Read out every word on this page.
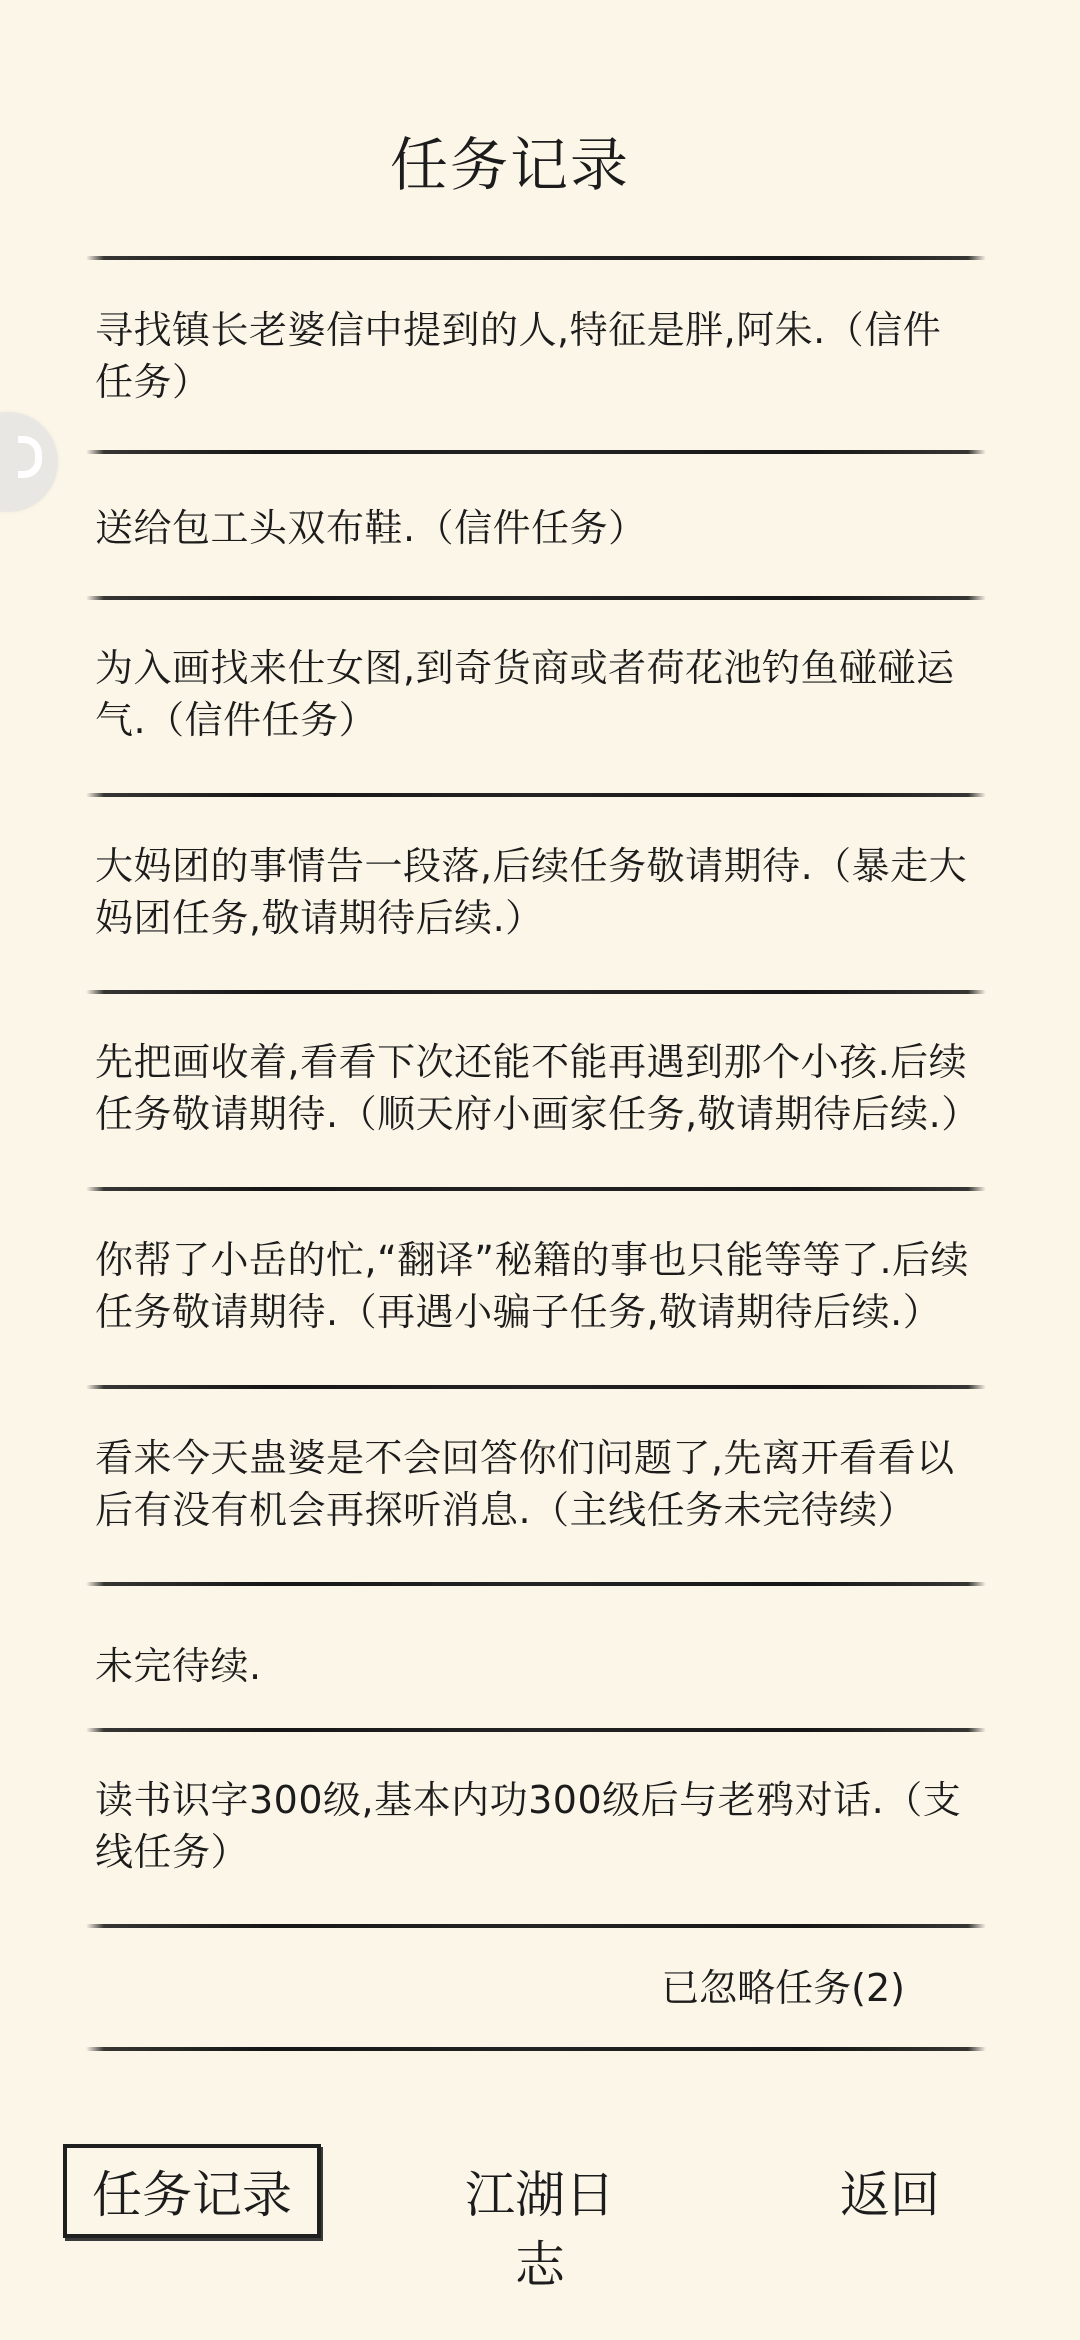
任务记录
寻找镇长老婆信中提到的人,特征是胖,阿朱.（信件任务）
送给包工头双布鞋.（信件任务）
为入画找来仕女图,到奇货商或者荷花池钓鱼碰碰运气.（信件任务）
大妈团的事情告一段落,后续任务敬请期待.（暴走大妈团任务,敬请期待后续.）
先把画收着,看看下次还能不能再遇到那个小孩.后续任务敬请期待.（顺天府小画家任务,敬请期待后续.）
你帮了小岳的忙,“翻译”秘籍的事也只能等等了.后续任务敬请期待.（再遇小骗子任务,敬请期待后续.）
看来今天蛊婆是不会回答你们问题了,先离开看看以后有没有机会再探听消息.（主线任务未完待续）
未完待续.
读书识字300级,基本内功300级后与老鸦对话.（支线任务）
已忽略任务(2)
任务记录	江湖日志
返回
